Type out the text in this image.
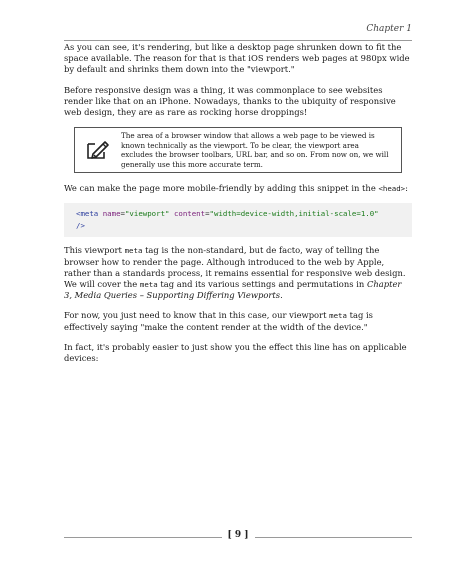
Chapter 1

As you can see, it's rendering, but like a desktop page shrunken down to fit the space available. The reason for that is that iOS renders web pages at 980px wide by default and shrinks them down into the "viewport."

Before responsive design was a thing, it was commonplace to see websites render like that on an iPhone. Nowadays, thanks to the ubiquity of responsive web design, they are as rare as rocking horse droppings!

The area of a browser window that allows a web page to be viewed is known technically as the viewport. To be clear, the viewport area excludes the browser toolbars, URL bar, and so on. From now on, we will generally use this more accurate term.

We can make the page more mobile-friendly by adding this snippet in the <head>:

<meta name="viewport" content="width=device-width,initial-scale=1.0"
/>

This viewport meta tag is the non-standard, but de facto, way of telling the browser how to render the page. Although introduced to the web by Apple, rather than a standards process, it remains essential for responsive web design. We will cover the meta tag and its various settings and permutations in Chapter 3, Media Queries – Supporting Differing Viewports.

For now, you just need to know that in this case, our viewport meta tag is effectively saying "make the content render at the width of the device."

In fact, it's probably easier to just show you the effect this line has on applicable devices:

[ 9 ]
